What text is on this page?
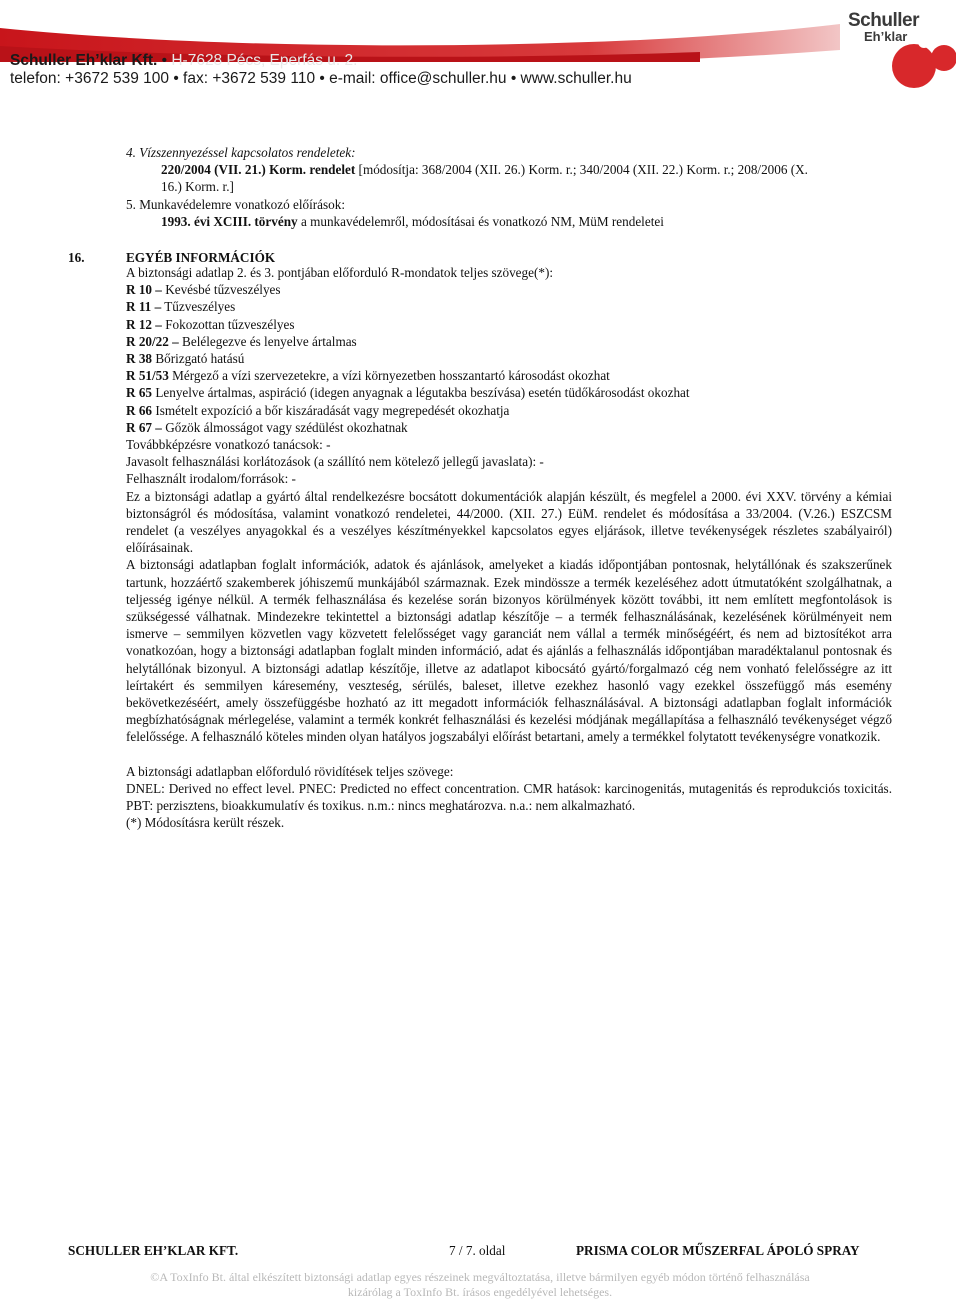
Schuller Eh’klar Kft. • H-7628 Pécs, Eperfás u. 2.
telefon: +3672 539 100 • fax: +3672 539 110 • e-mail: office@schuller.hu • www.schuller.hu
Schuller
Eh’klar
4. Vízszennyezéssel kapcsolatos rendeletek:
220/2004 (VII. 21.) Korm. rendelet [módosítja: 368/2004 (XII. 26.) Korm. r.; 340/2004 (XII. 22.) Korm. r.; 208/2006 (X.
16.) Korm. r.]
5. Munkavédelemre vonatkozó előírások:
1993. évi XCIII. törvény a munkavédelemről, módosításai és vonatkozó NM, MüM rendeletei
16.	EGYÉB INFORMÁCIÓK
A biztonsági adatlap 2. és 3. pontjában előforduló R-mondatok teljes szövege(*):
R 10 – Kevésbé tűzveszélyes
R 11 – Tűzveszélyes
R 12 – Fokozottan tűzveszélyes
R 20/22 – Belélegezve és lenyelve ártalmas
R 38 Bőrizgató hatású
R 51/53 Mérgező a vízi szervezetekre, a vízi környezetben hosszantartó károsodást okozhat
R 65 Lenyelve ártalmas, aspiráció (idegen anyagnak a légutakba beszívása) esetén tüdőkárosodást okozhat
R 66 Ismételt expozíció a bőr kiszáradását vagy megrepedését okozhatja
R 67 – Gőzök álmosságot vagy szédülést okozhatnak
Továbbképzésre vonatkozó tanácsok: -
Javasolt felhasználási korlátozások (a szállító nem kötelező jellegű javaslata): -
Felhasznált irodalom/források: -
Ez a biztonsági adatlap a gyártó által rendelkezésre bocsátott dokumentációk alapján készült, és megfelel a 2000. évi XXV. törvény a kémiai biztonságról és módosítása, valamint vonatkozó rendeletei, 44/2000. (XII. 27.) EüM. rendelet és módosítása a 33/2004. (V.26.) ESZCSM rendelet (a veszélyes anyagokkal és a veszélyes készítményekkel kapcsolatos egyes eljárások, illetve tevékenységek részletes szabályairól) előírásainak.
A biztonsági adatlapban foglalt információk, adatok és ajánlások, amelyeket a kiadás időpontjában pontosnak, helytállónak és szakszerűnek tartunk, hozzáértő szakemberek jóhiszemű munkájából származnak. Ezek mindössze a termék kezeléséhez adott útmutatóként szolgálhatnak, a teljesség igénye nélkül. A termék felhasználása és kezelése során bizonyos körülmények között további, itt nem említett megfontolások is szükségessé válhatnak. Mindezekre tekintettel a biztonsági adatlap készítője – a termék felhasználásának, kezelésének körülményeit nem ismerve – semmilyen közvetlen vagy közvetett felelősséget vagy garanciát nem vállal a termék minőségéért, és nem ad biztosítékot arra vonatkozóan, hogy a biztonsági adatlapban foglalt minden információ, adat és ajánlás a felhasználás időpontjában maradéktalanul pontosnak és helytállónak bizonyul. A biztonsági adatlap készítője, illetve az adatlapot kibocsátó gyártó/forgalmazó cég nem vonható felelősségre az itt leírtakért és semmilyen káresemény, veszteség, sérülés, baleset, illetve ezekhez hasonló vagy ezekkel összefüggő más esemény bekövetkezéséért, amely összefüggésbe hozható az itt megadott információk felhasználásával. A biztonsági adatlapban foglalt információk megbízhatóságnak mérlegelése, valamint a termék konkrét felhasználási és kezelési módjának megállapítása a felhasználó tevékenységet végző felelőssége. A felhasználó köteles minden olyan hatályos jogszabályi előírást betartani, amely a termékkel folytatott tevékenységre vonatkozik.
A biztonsági adatlapban előforduló rövidítések teljes szövege:
DNEL: Derived no effect level. PNEC: Predicted no effect concentration. CMR hatások: karcinogenitás, mutagenitás és reprodukciós toxicitás. PBT: perzisztens, bioakkumulatív és toxikus. n.m.: nincs meghatározva. n.a.: nem alkalmazható.
(*) Módosításra került részek.
SCHULLER EH’KLAR KFT.	7 / 7. oldal	PRISMA COLOR MŰSZERFAL ÁPOLÓ SPRAY
©A ToxInfo Bt. által elkészített biztonsági adatlap egyes részeinek megváltoztatása, illetve bármilyen egyéb módon történő felhasználása
kizárólag a ToxInfo Bt. írásos engedélyével lehetséges.
